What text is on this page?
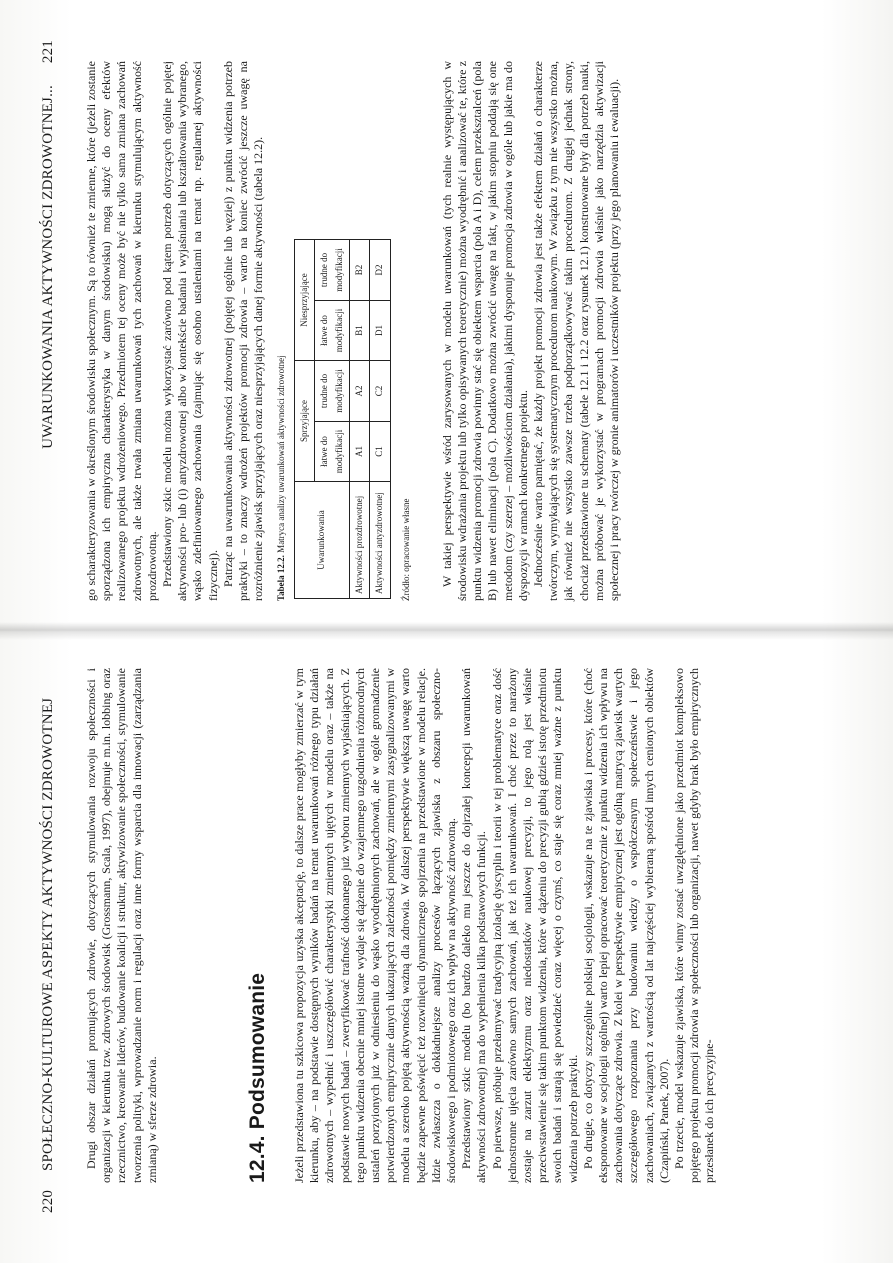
220 SPOŁECZNO-KULTUROWE ASPEKTY AKTYWNOŚCI ZDROWOTNEJ Drugi obszar działań promujących zdrowie, dotyczących stymulowania rozwoju społeczności i organizacji w kierunku tzw. zdrowych środowisk (Grossmann, Scala, 1997), obejmuje m.in. lobbing oraz rzecznictwo, kreowanie liderów, budowanie koalicji i struktur, aktywizowanie społeczności, stymulowanie tworzenia polityki, wprowadzanie norm i regulacji oraz inne formy wsparcia dla innowacji (zarządzania zmianą) w sferze zdrowia.	12.4. Podsumowanie Jeżeli przedstawiona tu szkicowa propozycja uzyska akceptację, to dalsze prace mogłyby zmierzać w tym kierunku, aby – na podstawie dostępnych wyników badań na temat uwarunkowań różnego typu działań zdrowotnych – wypełnić i uszczegółowić charakterystyki zmiennych ujętych w modelu oraz – także na podstawie nowych badań – zweryfikować trafność dokonanego już wyboru zmiennych wyjaśniających. Z tego punktu widzenia obecnie mniej istotne wydaje się dążenie do wzajemnego uzgodnienia różnorodnych ustaleń porzyionych już w odniesieniu do wąsko wyodrębnionych zachowań, ale w ogóle gromadzenie potwierdzonych empirycznie danych ukazujących zależności pomiędzy zmiennymi zasygnalizowanymi w modelu a szeroko pojętą aktywnością ważną dla zdrowia. W dalszej perspektywie większą uwagę warto będzie zapewne poświęcić też rozwinięciu dynamicznego spojrzenia na przedstawione w modelu relacje. Idzie zwłaszcza o dokładniejsze analizy procesów łączących zjawiska z obszaru społeczno-środowiskowego i podmiotowego oraz ich wpływ na aktywność zdrowotną. Przedstawiony szkic modelu (bo bardzo daleko mu jeszcze do dojrzałej koncepcji uwarunkowań aktywności zdrowotnej) ma do wypełnienia kilka podstawowych funkcji. Po pierwsze, próbuje przełamywać tradycyjną izolację dyscyplin i teorii w tej problematyce oraz dość jednostronne ujęcia zarówno samych zachowań, jak też ich uwarunkowań. I choć przez to narażony zostaje na zarzut eklektyzmu oraz niedostatków naukowej precyzji, to jego rolą jest właśnie przeciwstawienie się takim punktom widzenia, które w dążeniu do precyzji gubią gdzieś istotę przedmiotu swoich badań i starają się powiedzieć coraz więcej o czymś, co staje się coraz mniej ważne z punktu widzenia potrzeb praktyki. Po drugie, co dotyczy szczególnie polskiej socjologii, wskazuje na te zjawiska i procesy, które (choć eksponowane w socjologii ogólnej) warto lepiej opracować teoretycznie z punktu widzenia ich wpływu na zachowania dotyczące zdrowia. Z kolei w perspektywie empirycznej jest ogólną matrycą zjawisk wartych szczegółowego rozpoznania przy budowaniu wiedzy o współczesnym społeczeństwie i jego zachowaniach, związanych z wartością od lat najczęściej wybieraną spośród innych cenionych obiektów (Czapiński, Panek, 2007). Po trzecie, model wskazuje zjawiska, które winny zostać uwzględnione jako przedmiot kompleksowo pojętego projektu promocji zdrowia w społeczności lub organizacji, nawet gdyby brak było empirycznych przesłanek do ich precyzyjne-

UWARUNKOWANIA AKTYWNOŚCI ZDROWOTNEJ... 221

go scharakteryzowania w określonym środowisku społecznym. Są to również te zmienne, które (jeżeli zostanie sporządzona ich empiryczna charakterystyka w danym środowisku) mogą służyć do oceny efektów realizowanego projektu wdrożeniowego. Przedmiotem tej oceny może być nie tylko sama zmiana zachowań zdrowotnych, ale także trwała zmiana uwarunkowań tych zachowań w kierunku stymulującym aktywność prozdrowotną. Przedstawiony szkic modelu można wykorzystać zarówno pod kątem potrzeb dotyczących ogólnie pojętej aktywności pro- lub (i) antyzdrowotnej albo w kontekście badania i wyjaśniania lub kształtowania wybranego, wąsko zdefiniowanego zachowania (zajmując się osobno ustaleniami na temat np. regularnej aktywności fizycznej). Patrząc na uwarunkowania aktywności zdrowotnej (pojętej ogólnie lub węziej) z punktu widzenia potrzeb praktyki – to znaczy wdrożeń projektów promocji zdrowia – warto na koniec zwrócić jeszcze uwagę na rozróżnienie zjawisk sprzyjających oraz niesprzyjających danej formie aktywności (tabela 12.2). Tabela 12.2. Matryca analizy uwarunkowań aktywności zdrowotnej	Uwarunkowania	Sprzyjające		Niesprzyjające	
	łatwe do modyfikacji	trudne do modyfikacji	łatwe do modyfikacji	trudne do modyfikacji
Aktywności prozdrowotnej	A1	A2	B1	B2
Aktywności antyzdrowotnej	C1	C2	D1	D2
Źródło: opracowanie własne W takiej perspektywie wśród zarysowanych w modelu uwarunkowań (tych realnie występujących w środowisku wdrażania projektu lub tylko opisywanych teoretycznie) można wyodrębnić i analizować te, które z punktu widzenia promocji zdrowia powinny stać się obiektem wsparcia (pola A i D), celem przeksztalceń (pola B) lub nawet eliminacji (pola C). Dodatkowo można zwrócić uwagę na fakt, w jakim stopniu poddają się one metodom (czy szerzej – możliwościom działania), jakimi dysponuje promocja zdrowia w ogóle lub jakie ma do dyspozycji w ramach konkretnego projektu. Jednocześnie warto pamiętać, że każdy projekt promocji zdrowia jest także efektem działań o charakterze twórczym, wymykających się systematycznym procedurom naukowym. W związku z tym nie wszystko można, jak również nie wszystko zawsze trzeba podporządkowywać takim procedurom. Z drugiej jednak strony, chociaż przedstawione tu schematy (tabele 12.1 i 12.2 oraz rysunek 12.1) konstruowane były dla potrzeb nauki, można próbować je wykorzystać w programach promocji zdrowia właśnie jako narzędzia aktywizacji społecznej i pracy twórczej w gronie animatorów i uczestników projektu (przy jego planowaniu i ewaluacji).
